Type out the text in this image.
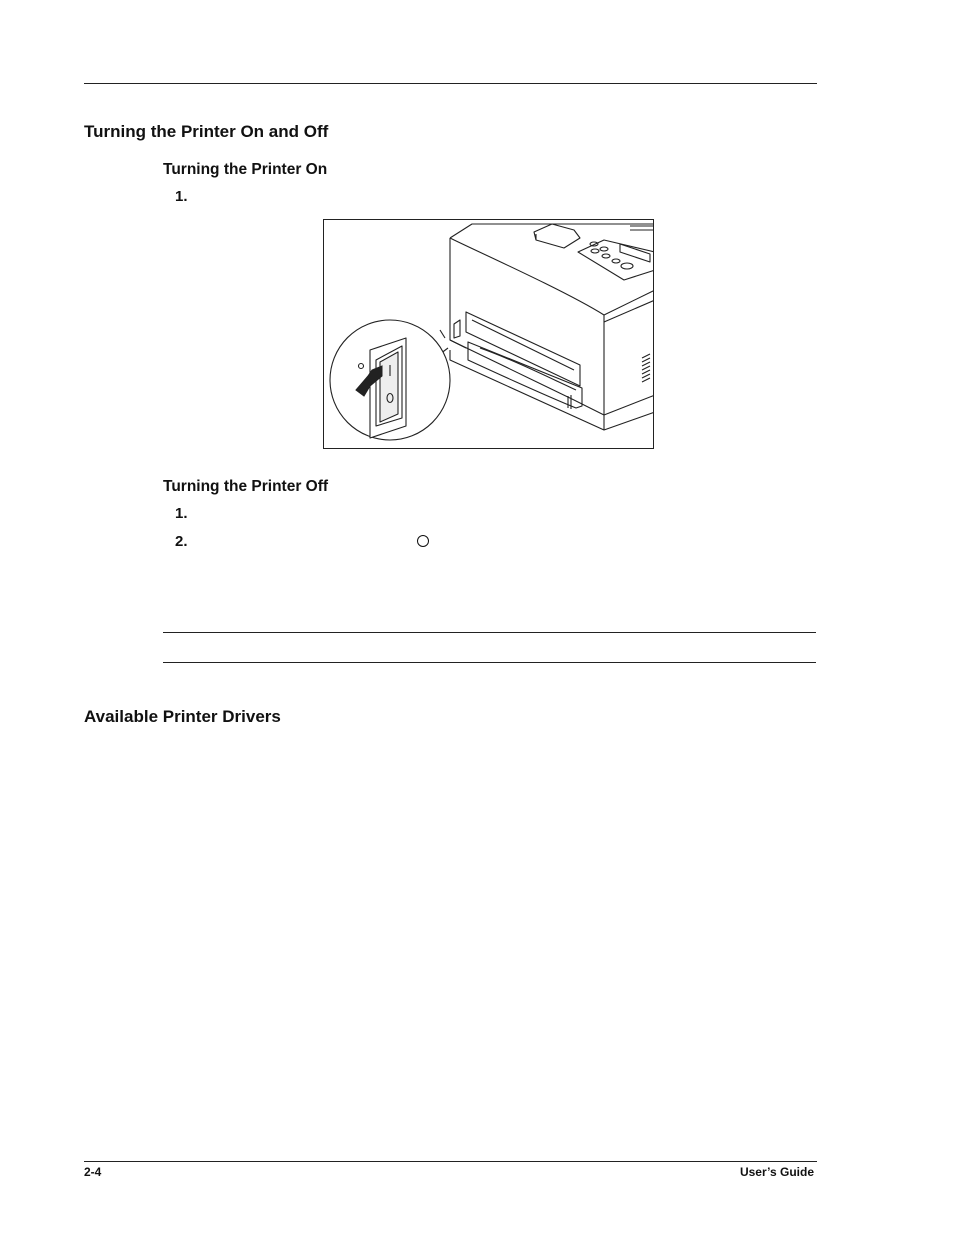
Turning the Printer On and Off
Turning the Printer On
1.
Turning the Printer Off
1.
2.
Available Printer Drivers
2-4	User’s Guide
